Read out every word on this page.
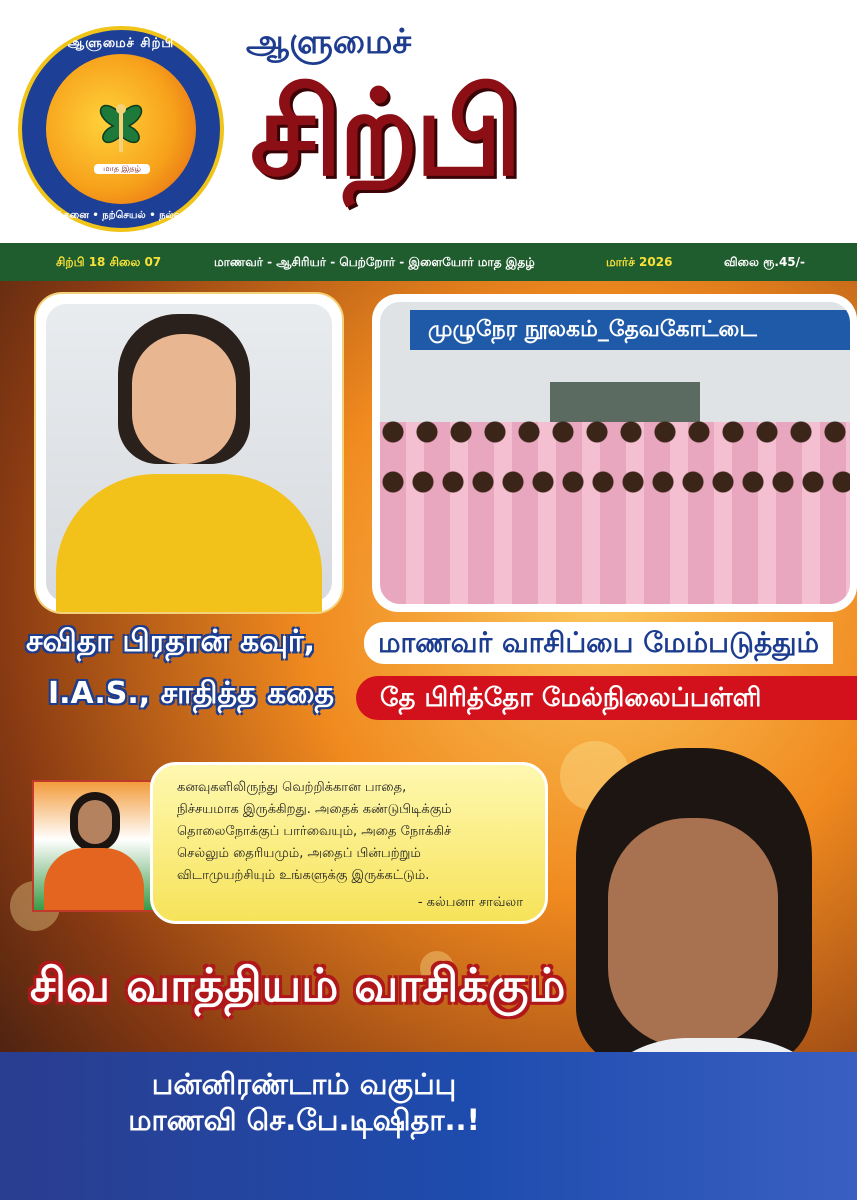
ஆளுமைச் சிற்பி
மாத இதழ்
நற்சிந்தனை • நற்செயல் • நல்வாழ்வு
ஆளுமைச்
சிற்பி
சிற்பி 18 சிலை 07	மாணவர் - ஆசிரியர் - பெற்றோர் - இளையோர் மாத இதழ்	மார்ச் 2026	விலை ரூ.45/-
முழுநேர நூலகம்_தேவகோட்டை
சவிதா பிரதான் கவுர்,
I.A.S., சாதித்த கதை
மாணவர் வாசிப்பை மேம்படுத்தும்
தே பிரித்தோ மேல்நிலைப்பள்ளி
கனவுகளிலிருந்து வெற்றிக்கான பாதை,
நிச்சயமாக இருக்கிறது. அதைக் கண்டுபிடிக்கும்
தொலைநோக்குப் பார்வையும், அதை நோக்கிச்
செல்லும் தைரியமும், அதைப் பின்பற்றும்
விடாமுயற்சியும் உங்களுக்கு இருக்கட்டும்.
- கல்பனா சாவ்லா
சிவ வாத்தியம் வாசிக்கும்
பன்னிரண்டாம் வகுப்பு
மாணவி செ.பே.டிஷிதா..!
